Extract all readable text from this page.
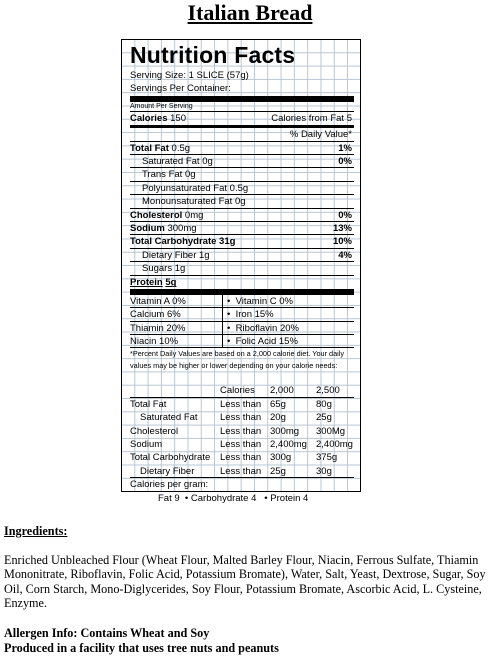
Italian Bread
Nutrition Facts
Serving Size: 1 SLICE (57g)
Servings Per Container:
Amount Per Serving
Calories 150	Calories from Fat 5
% Daily Value*
Total Fat 0.5g	1%
Saturated Fat 0g	0%
Trans Fat 0g
Polyunsaturated Fat 0.5g
Monounsaturated Fat 0g
Cholesterol 0mg	0%
Sodium 300mg	13%
Total Carbohydrate 31g	10%
Dietary Fiber 1g	4%
Sugars 1g
Protein 5g
Vitamin A 0%	•  Vitamin C 0%
Calcium 6%	•  Iron 15%
Thiamin 20%	•  Riboflavin 20%
Niacin 10%	•  Folic Acid 15%
*Percent Daily Values are based on a 2,000 calorie diet. Your daily values may be higher or lower depending on your calorie needs:
Calories 2,000 2,500
Total Fat	Less than 65g	80g
Saturated Fat Less than 20g	25g
Cholesterol	Less than 300mg 300Mg
Sodium	Less than 2,400mg 2,400mg
Total Carbohydrate Less than 300g	375g
Dietary Fiber	Less than 25g	30g
Calories per gram:
Fat 9  • Carbohydrate 4   • Protein 4
Ingredients:
Enriched Unbleached Flour (Wheat Flour, Malted Barley Flour, Niacin, Ferrous Sulfate, Thiamin Mononitrate, Riboflavin, Folic Acid, Potassium Bromate), Water, Salt, Yeast, Dextrose, Sugar, Soy Oil, Corn Starch, Mono-Diglycerides, Soy Flour, Potassium Bromate, Ascorbic Acid, L. Cysteine, Enzyme.
Allergen Info: Contains Wheat and Soy
Produced in a facility that uses tree nuts and peanuts
